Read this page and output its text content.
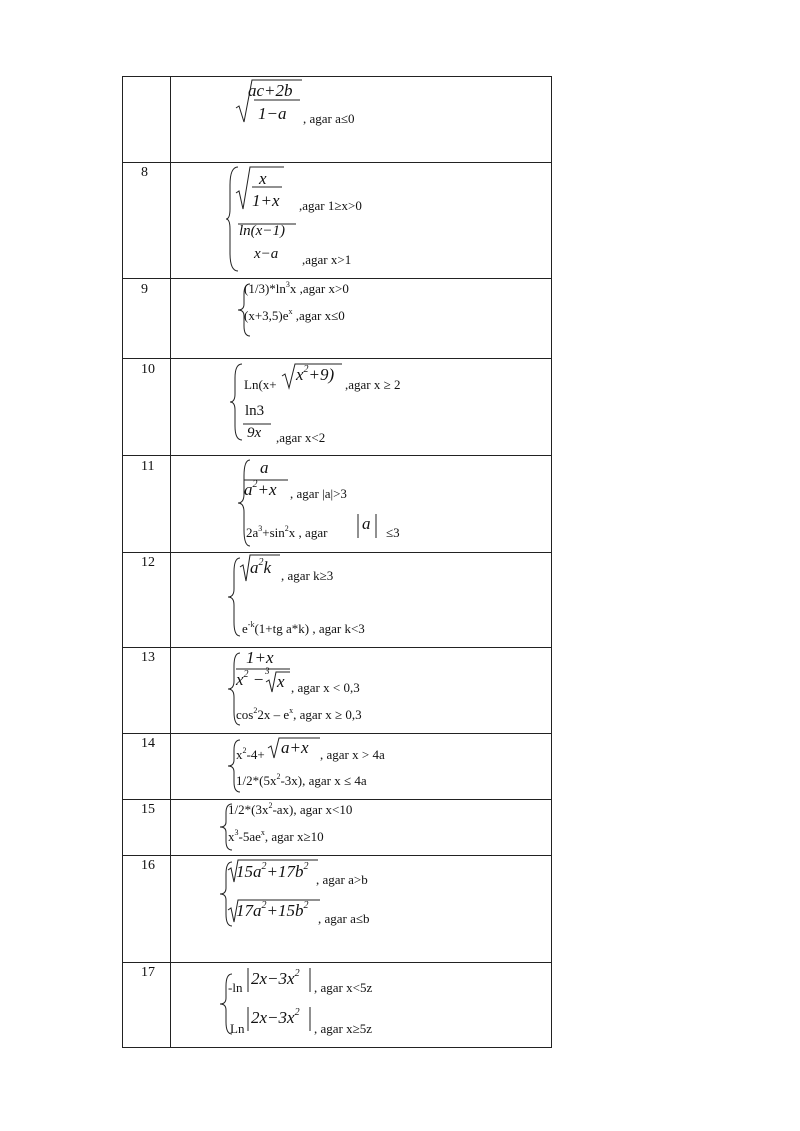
8
9
10
11
12
13
14
15
16
17
ac+2b
1−a , agar a≤0
x
1+x ,agar 1≥x>0
ln(x−1)
x−a ,agar x>1
$(1/3)*\ln^3x$ ,agar x>0
$(x+3,5)e^x$ ,agar x≤0
Ln(x+
$x^2+9$)
,agar x ≥ 2
ln3
9x ,agar x<2
a
$a^2+x$ , agar |a|>3
$2a^3+\sin^2x$ , agar a ≤3
$a^2k$ , agar k≥3
$e^{-k}(1+tg$ a*k) , agar k<3
1+x
$x^2 - 3$
x , agar x < 0,3
$\cos^22x - e^x$, agar x ≥ 0,3
$x^2-4+ a+x$ , agar x > 4a
$1/2*(5x^2-3x)$, agar x ≤ 4a
$1/2*(3x^2-ax)$, agar x<10
$x^3-5ae^x$, agar x≥10
$15a^2+17b^2$
, agar a>b
$17a^2+15b^2$
, agar a≤b
-ln $2x-3x^2$
, agar x<5z
Ln
$2x-3x^2$
, agar x≥5z
